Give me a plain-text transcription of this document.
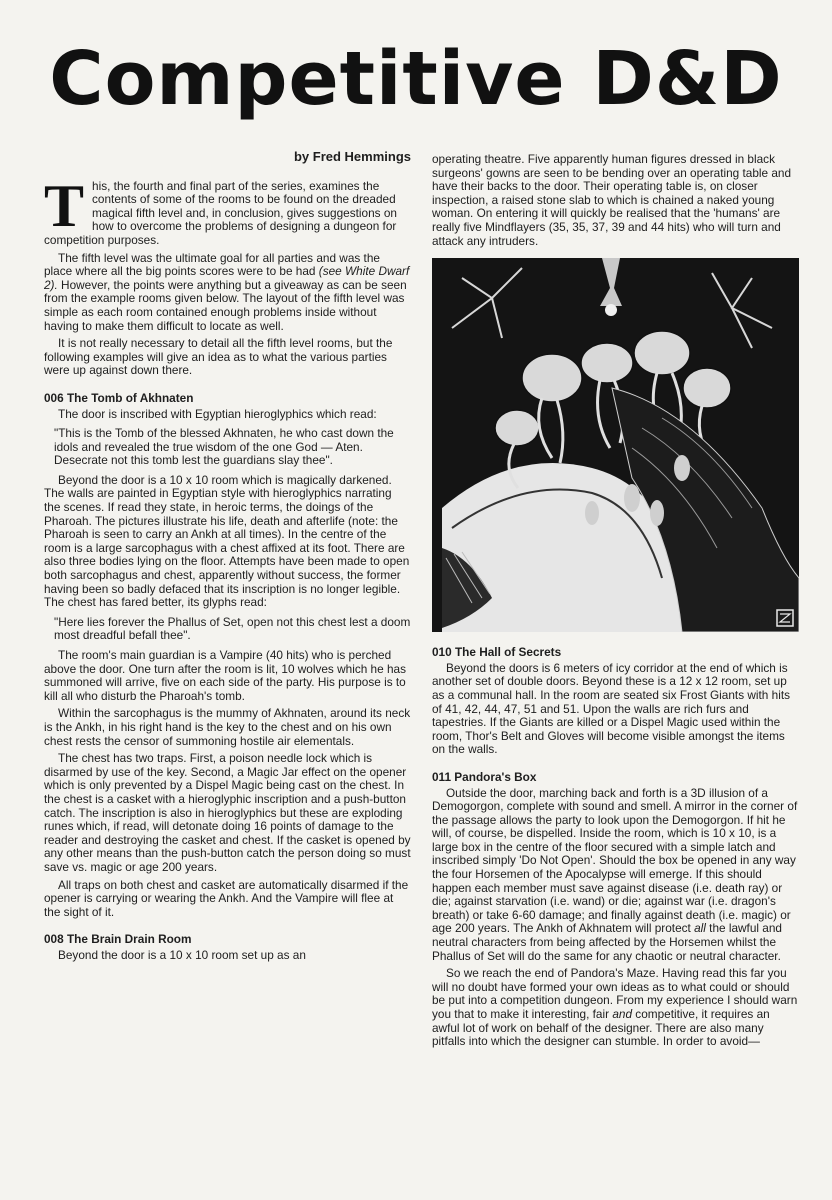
Competitive D&D
by Fred Hemmings

This, the fourth and final part of the series, examines the contents of some of the rooms to be found on the dreaded magical fifth level and, in conclusion, gives suggestions on how to overcome the problems of designing a dungeon for competition purposes.

The fifth level was the ultimate goal for all parties and was the place where all the big points scores were to be had (see White Dwarf 2). However, the points were anything but a giveaway as can be seen from the example rooms given below. The layout of the fifth level was simple as each room contained enough problems inside without having to make them difficult to locate as well.

It is not really necessary to detail all the fifth level rooms, but the following examples will give an idea as to what the various parties were up against down there.

006 The Tomb of Akhnaten

The door is inscribed with Egyptian hieroglyphics which read:

"This is the Tomb of the blessed Akhnaten, he who cast down the idols and revealed the true wisdom of the one God — Aten. Desecrate not this tomb lest the guardians slay thee".

Beyond the door is a 10 x 10 room which is magically darkened. The walls are painted in Egyptian style with hieroglyphics narrating the scenes. If read they state, in heroic terms, the doings of the Pharoah. The pictures illustrate his life, death and afterlife (note: the Pharoah is seen to carry an Ankh at all times). In the centre of the room is a large sarcophagus with a chest affixed at its foot. There are also three bodies lying on the floor. Attempts have been made to open both sarcophagus and chest, apparently without success, the former having been so badly defaced that its inscription is no longer legible. The chest has fared better, its glyphs read:

"Here lies forever the Phallus of Set, open not this chest lest a doom most dreadful befall thee".

The room's main guardian is a Vampire (40 hits) who is perched above the door. One turn after the room is lit, 10 wolves which he has summoned will arrive, five on each side of the party. His purpose is to kill all who disturb the Pharoah's tomb.

Within the sarcophagus is the mummy of Akhnaten, around its neck is the Ankh, in his right hand is the key to the chest and on his own chest rests the censor of summoning hostile air elementals.

The chest has two traps. First, a poison needle lock which is disarmed by use of the key. Second, a Magic Jar effect on the opener which is only prevented by a Dispel Magic being cast on the chest. In the chest is a casket with a hieroglyphic inscription and a push-button catch. The inscription is also in hieroglyphics but these are exploding runes which, if read, will detonate doing 16 points of damage to the reader and destroying the casket and chest. If the casket is opened by any other means than the push-button catch the person doing so must save vs. magic or age 200 years.

All traps on both chest and casket are automatically disarmed if the opener is carrying or wearing the Ankh. And the Vampire will flee at the sight of it.

008 The Brain Drain Room

Beyond the door is a 10 x 10 room set up as an

operating theatre. Five apparently human figures dressed in black surgeons' gowns are seen to be bending over an operating table and have their backs to the door. Their operating table is, on closer inspection, a raised stone slab to which is chained a naked young woman. On entering it will quickly be realised that the 'humans' are really five Mindflayers (35, 35, 37, 39 and 44 hits) who will turn and attack any intruders.

010 The Hall of Secrets

Beyond the doors is 6 meters of icy corridor at the end of which is another set of double doors. Beyond these is a 12 x 12 room, set up as a communal hall. In the room are seated six Frost Giants with hits of 41, 42, 44, 47, 51 and 51. Upon the walls are rich furs and tapestries. If the Giants are killed or a Dispel Magic used within the room, Thor's Belt and Gloves will become visible amongst the items on the walls.

011 Pandora's Box

Outside the door, marching back and forth is a 3D illusion of a Demogorgon, complete with sound and smell. A mirror in the corner of the passage allows the party to look upon the Demogorgon. If hit he will, of course, be dispelled. Inside the room, which is 10 x 10, is a large box in the centre of the floor secured with a simple latch and inscribed simply 'Do Not Open'. Should the box be opened in any way the four Horsemen of the Apocalypse will emerge. If this should happen each member must save against disease (i.e. death ray) or die; against starvation (i.e. wand) or die; against war (i.e. dragon's breath) or take 6-60 damage; and finally against death (i.e. magic) or age 200 years. The Ankh of Akhnatem will protect all the lawful and neutral characters from being affected by the Horsemen whilst the Phallus of Set will do the same for any chaotic or neutral character.

So we reach the end of Pandora's Maze. Having read this far you will no doubt have formed your own ideas as to what could or should be put into a competition dungeon. From my experience I should warn you that to make it interesting, fair and competitive, it requires an awful lot of work on behalf of the designer. There are also many pitfalls into which the designer can stumble. In order to avoid—
